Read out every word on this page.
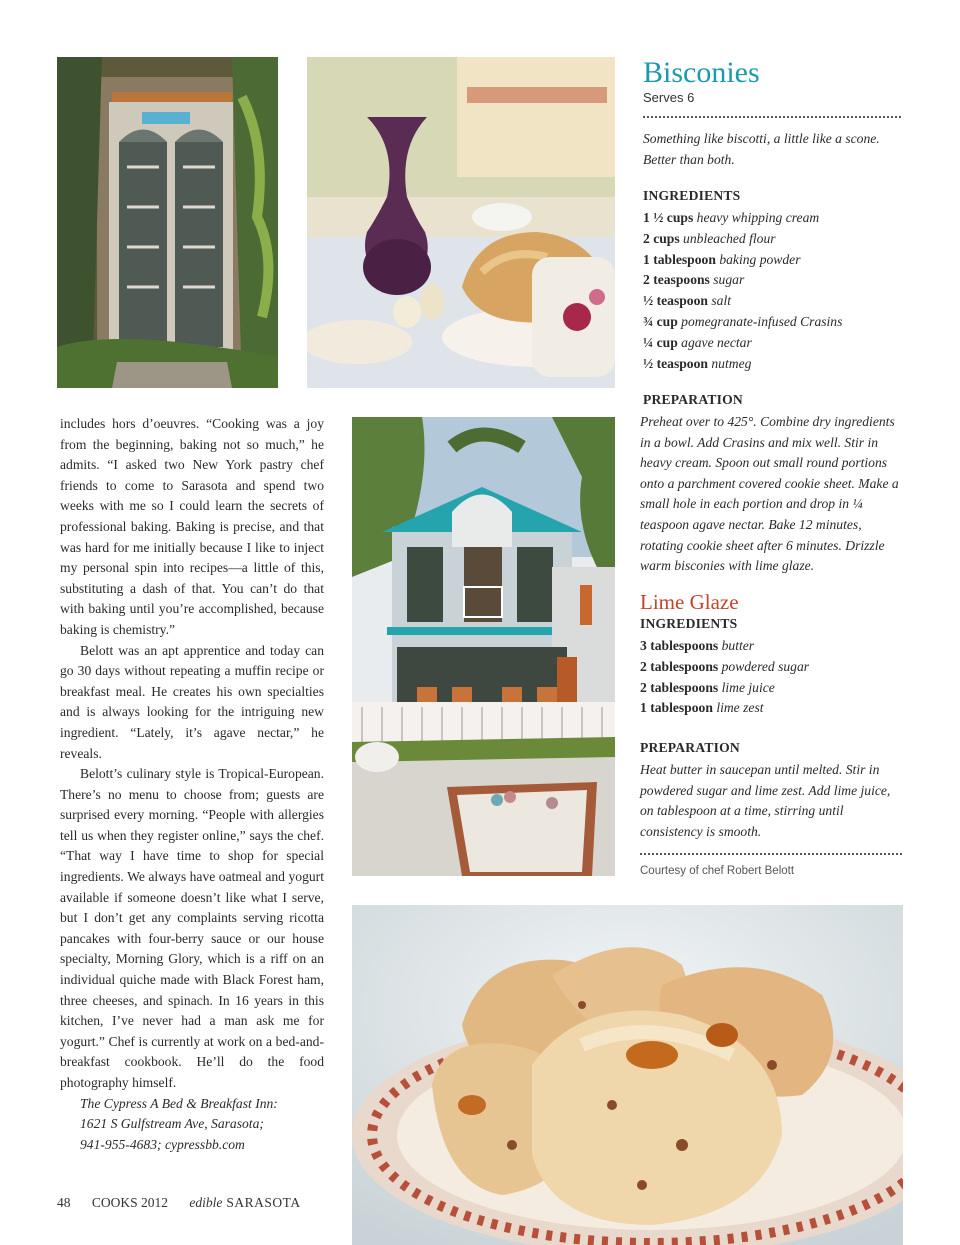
includes hors d’oeuvres. “Cooking was a joy from the beginning, baking not so much,” he admits. “I asked two New York pastry chef friends to come to Sarasota and spend two weeks with me so I could learn the secrets of professional baking. Baking is precise, and that was hard for me initially because I like to inject my personal spin into recipes—a little of this, substituting a dash of that. You can’t do that with baking until you’re accomplished, because baking is chemistry.”

Belott was an apt apprentice and today can go 30 days without repeating a muffin recipe or breakfast meal. He creates his own specialties and is always looking for the intriguing new ingredient. “Lately, it’s agave nectar,” he reveals.

Belott’s culinary style is Tropical-European. There’s no menu to choose from; guests are surprised every morning. “People with allergies tell us when they register online,” says the chef. “That way I have time to shop for special ingredients. We always have oatmeal and yogurt available if someone doesn’t like what I serve, but I don’t get any complaints serving ricotta pancakes with four-berry sauce or our house specialty, Morning Glory, which is a riff on an individual quiche made with Black Forest ham, three cheeses, and spinach. In 16 years in this kitchen, I’ve never had a man ask me for yogurt.” Chef is currently at work on a bed-and-breakfast cookbook. He’ll do the food photography himself.

The Cypress A Bed & Breakfast Inn:

1621 S Gulfstream Ave, Sarasota;

941-955-4683; cypressbb.com

Bisconies
Serves 6

Something like biscotti, a little like a scone. Better than both.

INGREDIENTS
1 ½ cups heavy whipping cream
2 cups unbleached flour
1 tablespoon baking powder
2 teaspoons sugar
½ teaspoon salt
¾ cup pomegranate-infused Crasins
¼ cup agave nectar
½ teaspoon nutmeg
PREPARATION

Preheat over to 425°. Combine dry ingredients in a bowl. Add Crasins and mix well. Stir in heavy cream. Spoon out small round portions onto a parchment covered cookie sheet. Make a small hole in each portion and drop in ¼ teaspoon agave nectar. Bake 12 minutes, rotating cookie sheet after 6 minutes. Drizzle warm bisconies with lime glaze.

Lime Glaze
INGREDIENTS
3 tablespoons butter
2 tablespoons powdered sugar
2 tablespoons lime juice
1 tablespoon lime zest
PREPARATION

Heat butter in saucepan until melted. Stir in powdered sugar and lime zest. Add lime juice, on tablespoon at a time, stirring until consistency is smooth.

Courtesy of chef Robert Belott
48 COOKS 2012 edible SARASOTA
